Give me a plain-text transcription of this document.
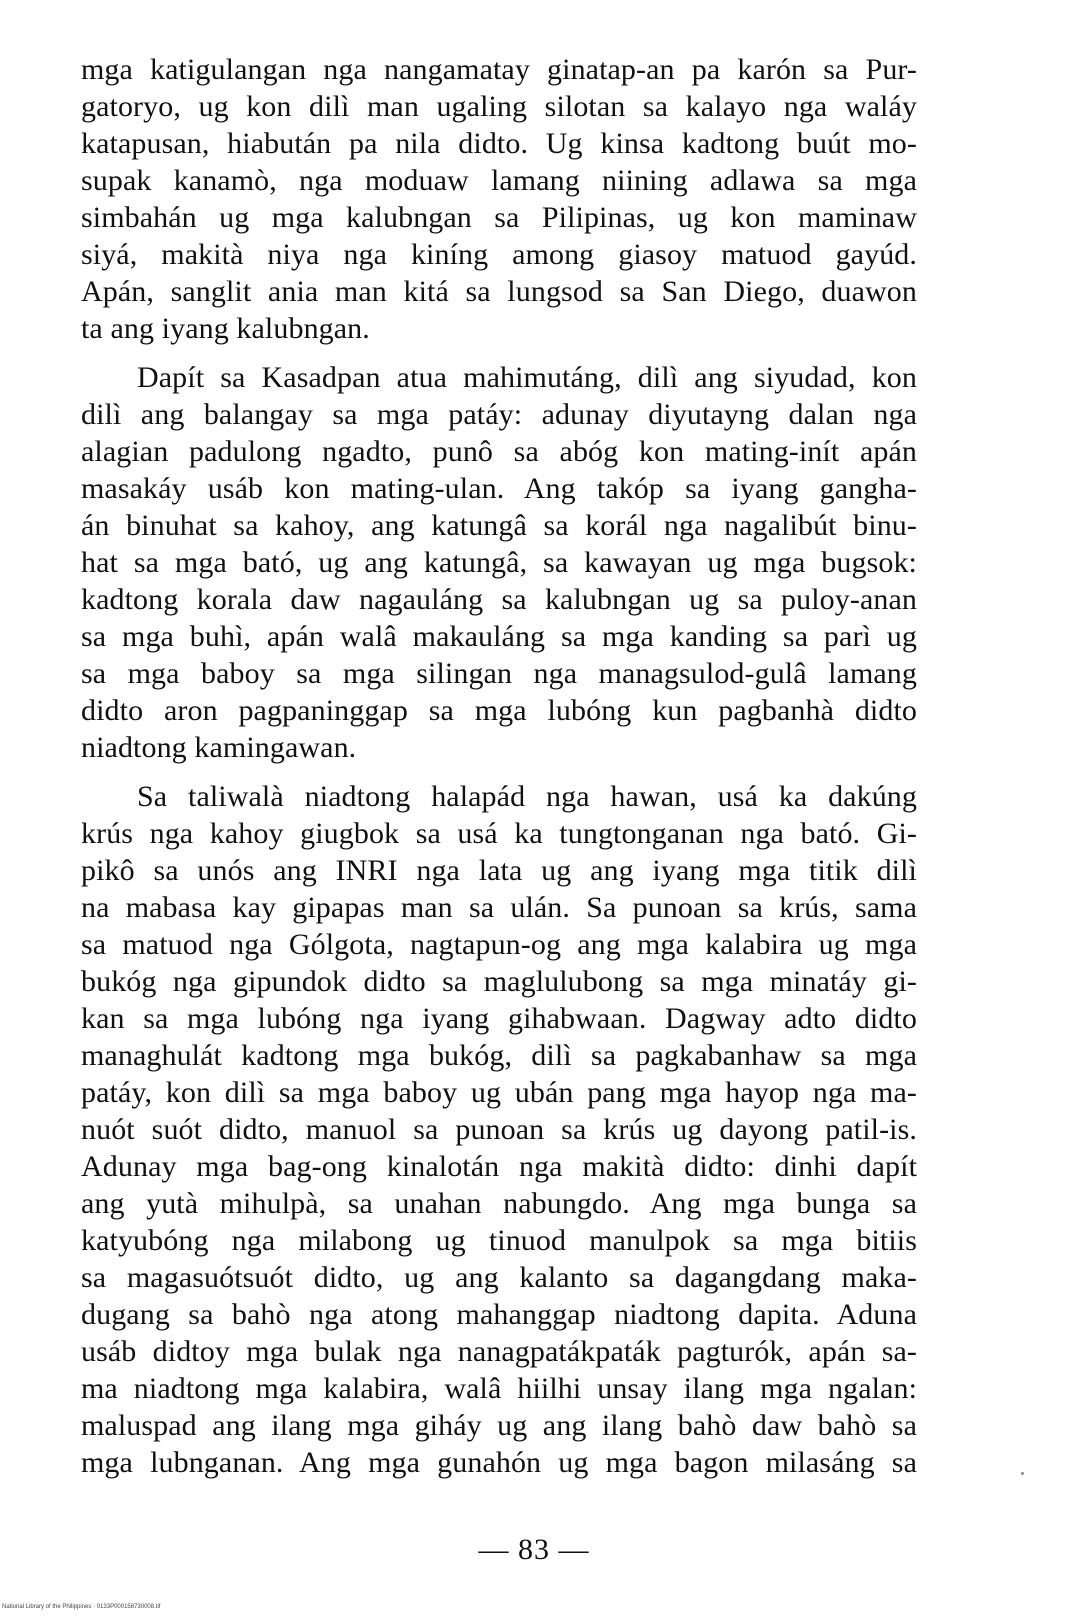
mga katigulangan nga nangamatay ginatap-an pa karón sa Pur-
gatoryo, ug kon dilì man ugaling silotan sa kalayo nga waláy
katapusan, hiabután pa nila didto. Ug kinsa kadtong buút mo-
supak kanamò, nga moduaw lamang niining adlawa sa mga
simbahán ug mga kalubngan sa Pilipinas, ug kon maminaw
siyá, makità niya nga kiníng among giasoy matuod gayúd.
Apán, sanglit ania man kitá sa lungsod sa San Diego, duawon
ta ang iyang kalubngan.
Dapít sa Kasadpan atua mahimutáng, dilì ang siyudad, kon
dilì ang balangay sa mga patáy: adunay diyutayng dalan nga
alagian padulong ngadto, punô sa abóg kon mating-inít apán
masakáy usáb kon mating-ulan. Ang takóp sa iyang gangha-
án binuhat sa kahoy, ang katungâ sa korál nga nagalibút binu-
hat sa mga bató, ug ang katungâ, sa kawayan ug mga bugsok:
kadtong korala daw nagauláng sa kalubngan ug sa puloy-anan
sa mga buhì, apán walâ makauláng sa mga kanding sa parì ug
sa mga baboy sa mga silingan nga managsulod-gulâ lamang
didto aron pagpaninggap sa mga lubóng kun pagbanhà didto
niadtong kamingawan.
Sa taliwalà niadtong halapád nga hawan, usá ka dakúng
krús nga kahoy giugbok sa usá ka tungtonganan nga bató. Gi-
pikô sa unós ang INRI nga lata ug ang iyang mga titik dilì
na mabasa kay gipapas man sa ulán. Sa punoan sa krús, sama
sa matuod nga Gólgota, nagtapun-og ang mga kalabira ug mga
bukóg nga gipundok didto sa maglulubong sa mga minatáy gi-
kan sa mga lubóng nga iyang gihabwaan. Dagway adto didto
managhulát kadtong mga bukóg, dilì sa pagkabanhaw sa mga
patáy, kon dilì sa mga baboy ug ubán pang mga hayop nga ma-
nuót suót didto, manuol sa punoan sa krús ug dayong patil-is.
Adunay mga bag-ong kinalotán nga makità didto: dinhi dapít
ang yutà mihulpà, sa unahan nabungdo. Ang mga bunga sa
katyubóng nga milabong ug tinuod manulpok sa mga bitiis
sa magasuótsuót didto, ug ang kalanto sa dagangdang maka-
dugang sa bahò nga atong mahanggap niadtong dapita. Aduna
usáb didtoy mga bulak nga nanagpatákpaták pagturók, apán sa-
ma niadtong mga kalabira, walâ hiilhi unsay ilang mga ngalan:
maluspad ang ilang mga giháy ug ang ilang bahò daw bahò sa
mga lubnganan. Ang mga gunahón ug mga bagon milasáng sa
— 83 —
National Library of the Philippines · 0133P000158730008.tif
